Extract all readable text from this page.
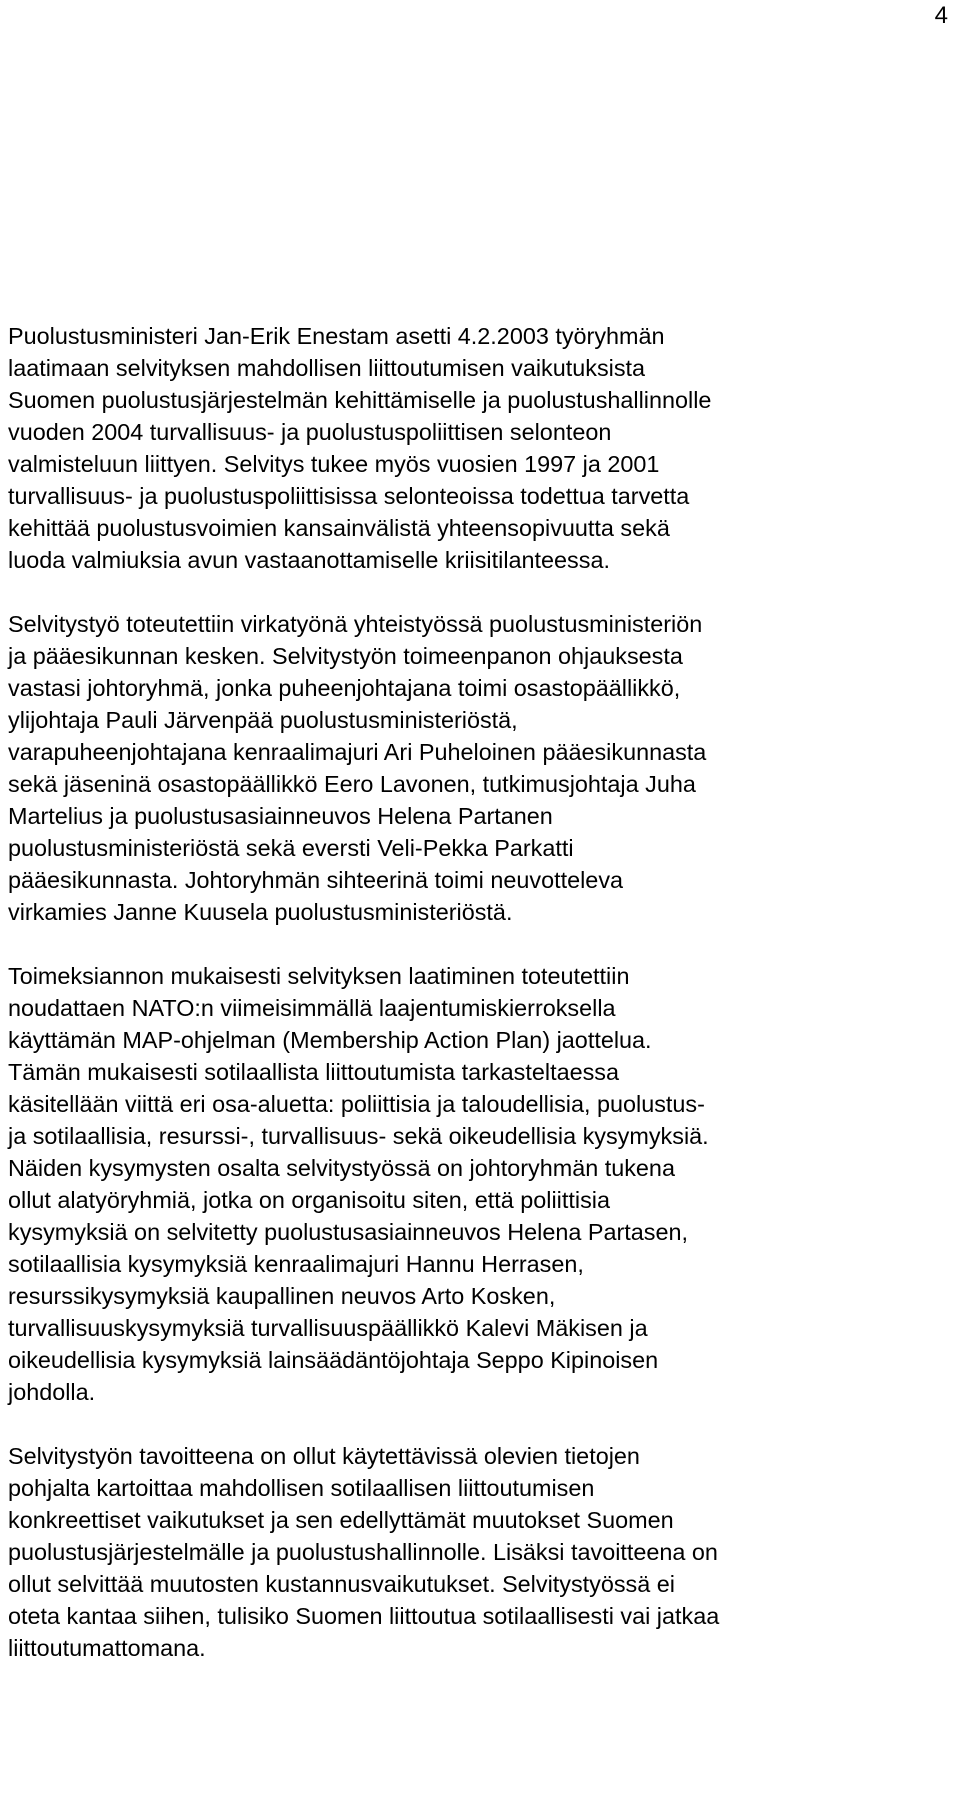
4
Puolustusministeri Jan-Erik Enestam asetti 4.2.2003 työryhmän
laatimaan selvityksen mahdollisen liittoutumisen vaikutuksista
Suomen puolustusjärjestelmän kehittämiselle ja puolustushallinnolle
vuoden 2004 turvallisuus- ja puolustuspoliittisen selonteon
valmisteluun liittyen. Selvitys tukee myös vuosien 1997 ja 2001
turvallisuus- ja puolustuspoliittisissa selonteoissa todettua tarvetta
kehittää puolustusvoimien kansainvälistä yhteensopivuutta sekä
luoda valmiuksia avun vastaanottamiselle kriisitilanteessa.
Selvitystyö toteutettiin virkatyönä yhteistyössä puolustusministeriön
ja pääesikunnan kesken. Selvitystyön toimeenpanon ohjauksesta
vastasi johtoryhmä, jonka puheenjohtajana toimi osastopäällikkö,
ylijohtaja Pauli Järvenpää puolustusministeriöstä,
varapuheenjohtajana kenraalimajuri Ari Puheloinen pääesikunnasta
sekä jäseninä osastopäällikkö Eero Lavonen, tutkimusjohtaja Juha
Martelius ja puolustusasiainneuvos Helena Partanen
puolustusministeriöstä sekä eversti Veli-Pekka Parkatti
pääesikunnasta. Johtoryhmän sihteerinä toimi neuvotteleva
virkamies Janne Kuusela puolustusministeriöstä.
Toimeksiannon mukaisesti selvityksen laatiminen toteutettiin
noudattaen NATO:n viimeisimmällä laajentumiskierroksella
käyttämän MAP-ohjelman (Membership Action Plan) jaottelua.
Tämän mukaisesti sotilaallista liittoutumista tarkasteltaessa
käsitellään viittä eri osa-aluetta: poliittisia ja taloudellisia, puolustus-
ja sotilaallisia, resurssi-, turvallisuus- sekä oikeudellisia kysymyksiä.
Näiden kysymysten osalta selvitystyössä on johtoryhmän tukena
ollut alatyöryhmiä, jotka on organisoitu siten, että poliittisia
kysymyksiä on selvitetty puolustusasiainneuvos Helena Partasen,
sotilaallisia kysymyksiä kenraalimajuri Hannu Herrasen,
resurssikysymyksiä kaupallinen neuvos Arto Kosken,
turvallisuuskysymyksiä turvallisuuspäällikkö Kalevi Mäkisen ja
oikeudellisia kysymyksiä lainsäädäntöjohtaja Seppo Kipinoisen
johdolla.
Selvitystyön tavoitteena on ollut käytettävissä olevien tietojen
pohjalta kartoittaa mahdollisen sotilaallisen liittoutumisen
konkreettiset vaikutukset ja sen edellyttämät muutokset Suomen
puolustusjärjestelmälle ja puolustushallinnolle. Lisäksi tavoitteena on
ollut selvittää muutosten kustannusvaikutukset. Selvitystyössä ei
oteta kantaa siihen, tulisiko Suomen liittoutua sotilaallisesti vai jatkaa
liittoutumattomana.
